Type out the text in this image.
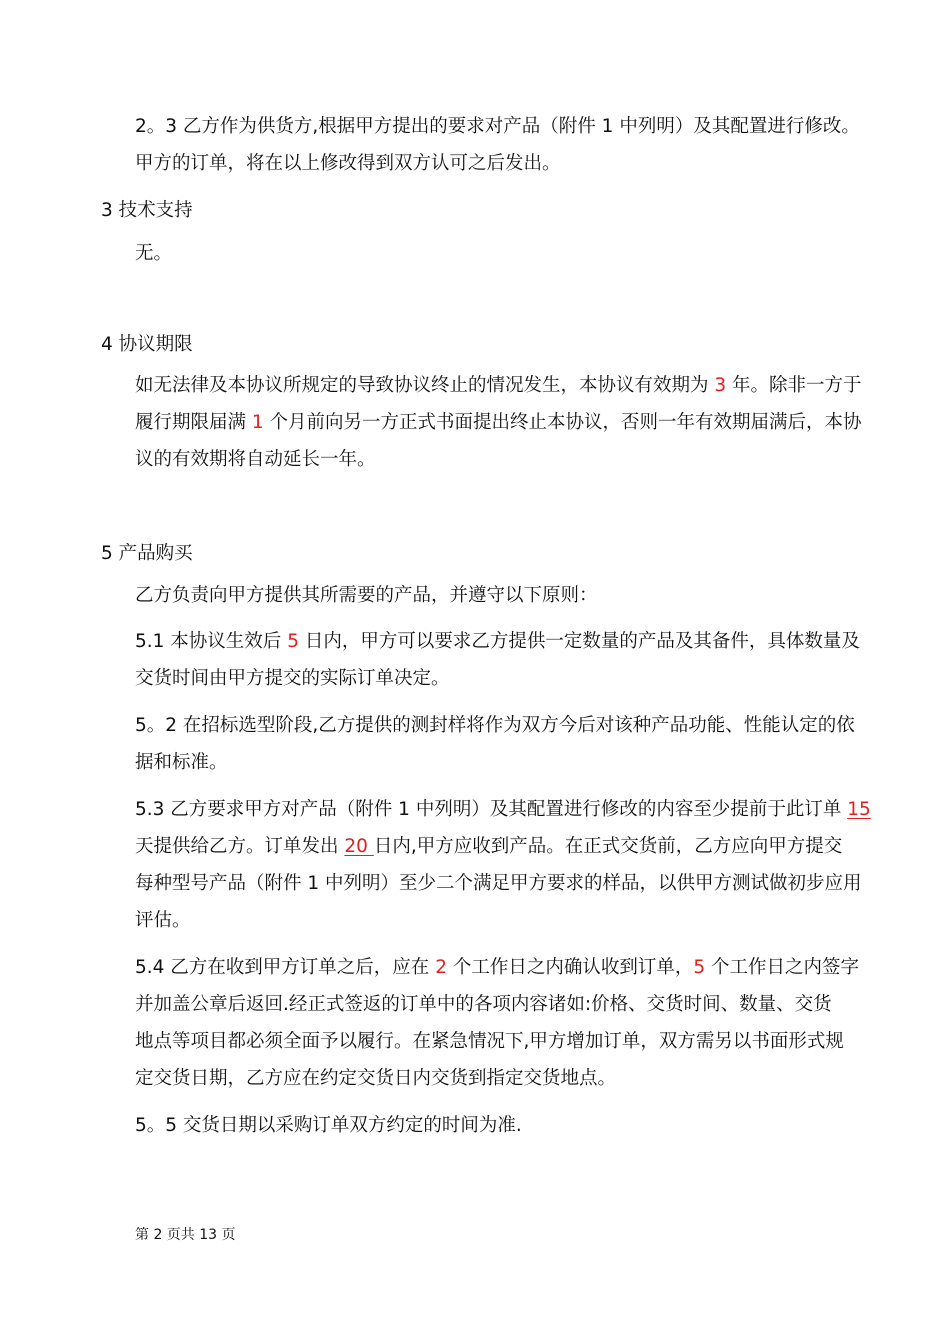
2。3 乙方作为供货方,根据甲方提出的要求对产品（附件 1 中列明）及其配置进行修改。
甲方的订单，将在以上修改得到双方认可之后发出。
3 技术支持
无。
4 协议期限
如无法律及本协议所规定的导致协议终止的情况发生，本协议有效期为 3 年。除非一方于
履行期限届满 1 个月前向另一方正式书面提出终止本协议，否则一年有效期届满后，本协
议的有效期将自动延长一年。
5 产品购买
乙方负责向甲方提供其所需要的产品，并遵守以下原则：
5.1 本协议生效后 5 日内，甲方可以要求乙方提供一定数量的产品及其备件，具体数量及
交货时间由甲方提交的实际订单决定。
5。2 在招标选型阶段,乙方提供的测封样将作为双方今后对该种产品功能、性能认定的依
据和标准。
5.3 乙方要求甲方对产品（附件 1 中列明）及其配置进行修改的内容至少提前于此订单 15
天提供给乙方。订单发出 20 日内,甲方应收到产品。在正式交货前，乙方应向甲方提交
每种型号产品（附件 1 中列明）至少二个满足甲方要求的样品，以供甲方测试做初步应用
评估。
5.4 乙方在收到甲方订单之后，应在 2 个工作日之内确认收到订单，5 个工作日之内签字
并加盖公章后返回.经正式签返的订单中的各项内容诸如:价格、交货时间、数量、交货
地点等项目都必须全面予以履行。在紧急情况下,甲方增加订单，双方需另以书面形式规
定交货日期，乙方应在约定交货日内交货到指定交货地点。
5。5 交货日期以采购订单双方约定的时间为准.
第 2 页共 13 页
